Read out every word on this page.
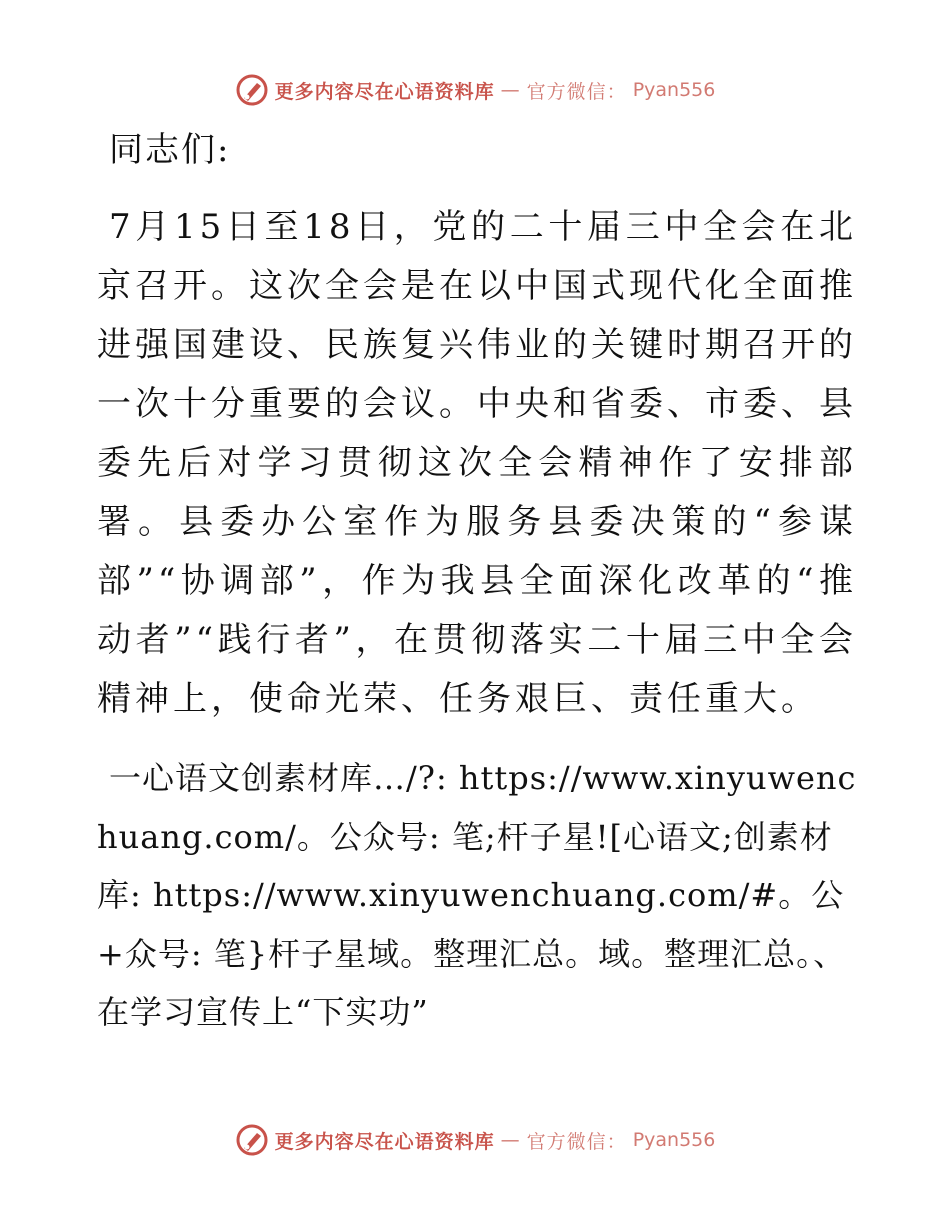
更多内容尽在心语资料库 — 官方微信： Pyan556

同志们:

7月15日至18日，党的二十届三中全会在北京召开。这次全会是在以中国式现代化全面推进强国建设、民族复兴伟业的关键时期召开的一次十分重要的会议。中央和省委、市委、县委先后对学习贯彻这次全会精神作了安排部署。县委办公室作为服务县委决策的“参谋部”“协调部”，作为我县全面深化改革的“推动者”“践行者”，在贯彻落实二十届三中全会精神上，使命光荣、任务艰巨、责任重大。

一心语文创素材库…/?: https://www.xinyuwenchuang.com/。公众号: 笔;杆子星![心语文;创素材库: https://www.xinyuwenchuang.com/#。公+众号: 笔}杆子星域。整理汇总。域。整理汇总。、在学习宣传上“下实功”

更多内容尽在心语资料库 — 官方微信： Pyan556
